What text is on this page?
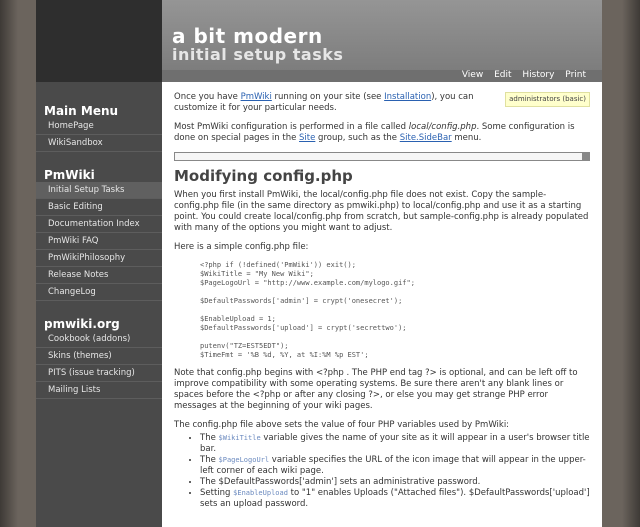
a bit modern
initial setup tasks
View Edit History Print
Main Menu
HomePage
WikiSandbox
PmWiki
Initial Setup Tasks
Basic Editing
Documentation Index
PmWiki FAQ
PmWikiPhilosophy
Release Notes
ChangeLog
pmwiki.org
Cookbook (addons)
Skins (themes)
PITS (issue tracking)
Mailing Lists
administrators (basic)

Once you have PmWiki running on your site (see Installation), you can customize it for your particular needs.

Most PmWiki configuration is performed in a file called local/config.php. Some configuration is done on special pages in the Site group, such as the Site.SideBar menu.

Modifying config.php

When you first install PmWiki, the local/config.php file does not exist. Copy the sample-config.php file (in the same directory as pmwiki.php) to local/config.php and use it as a starting point. You could create local/config.php from scratch, but sample-config.php is already populated with many of the options you might want to adjust.

Here is a simple config.php file:

<?php if (!defined('PmWiki')) exit();
$WikiTitle = "My New Wiki";
$PageLogoUrl = "http://www.example.com/mylogo.gif";

$DefaultPasswords['admin'] = crypt('onesecret');

$EnableUpload = 1;
$DefaultPasswords['upload'] = crypt('secrettwo');

putenv("TZ=EST5EDT");
$TimeFmt = '%B %d, %Y, at %I:%M %p EST';

Note that config.php begins with <?php . The PHP end tag ?> is optional, and can be left off to improve compatibility with some operating systems. Be sure there aren't any blank lines or spaces before the <?php or after any closing ?>, or else you may get strange PHP error messages at the beginning of your wiki pages.

The config.php file above sets the value of four PHP variables used by PmWiki:

• The $WikiTitle variable gives the name of your site as it will appear in a user's browser title bar.
• The $PageLogoUrl variable specifies the URL of the icon image that will appear in the upper-left corner of each wiki page.
• The $DefaultPasswords['admin'] sets an administrative password.
• Setting $EnableUpload to "1" enables Uploads ("Attached files"). $DefaultPasswords['upload'] sets an upload password.
